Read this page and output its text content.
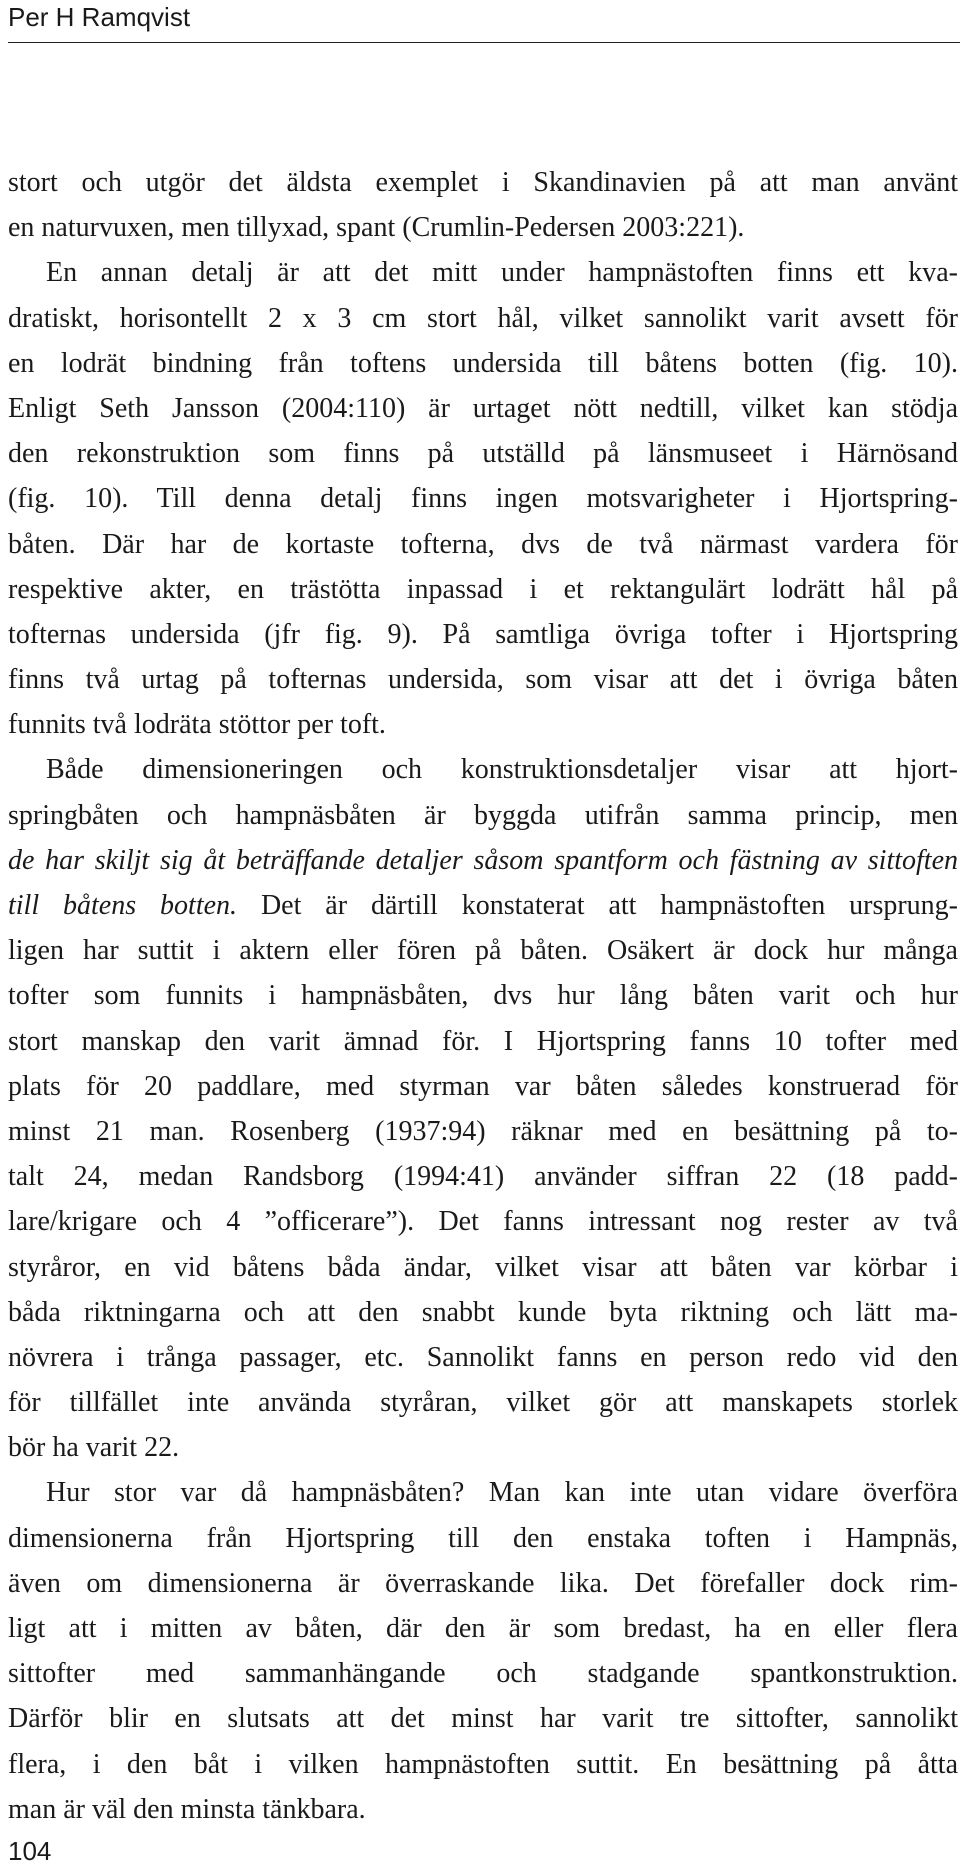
Per H Ramqvist
stort och utgör det äldsta exemplet i Skandinavien på att man använt
en naturvuxen, men tillyxad, spant (Crumlin-Pedersen 2003:221).
En annan detalj är att det mitt under hampnästoften finns ett kva-
dratiskt, horisontellt 2 x 3 cm stort hål, vilket sannolikt varit avsett för
en lodrät bindning från toftens undersida till båtens botten (fig. 10).
Enligt Seth Jansson (2004:110) är urtaget nött nedtill, vilket kan stödja
den rekonstruktion som finns på utställd på länsmuseet i Härnösand
(fig. 10). Till denna detalj finns ingen motsvarigheter i Hjortspring-
båten. Där har de kortaste tofterna, dvs de två närmast vardera för
respektive akter, en trästötta inpassad i et rektangulärt lodrätt hål på
tofternas undersida (jfr fig. 9). På samtliga övriga tofter i Hjortspring
finns två urtag på tofternas undersida, som visar att det i övriga båten
funnits två lodräta stöttor per toft.
Både dimensioneringen och konstruktionsdetaljer visar att hjort-
springbåten och hampnäsbåten är byggda utifrån samma princip, men
de har skiljt sig åt beträffande detaljer såsom spantform och fästning av sittoften
till båtens botten. Det är därtill konstaterat att hampnästoften ursprung-
ligen har suttit i aktern eller fören på båten. Osäkert är dock hur många
tofter som funnits i hampnäsbåten, dvs hur lång båten varit och hur
stort manskap den varit ämnad för. I Hjortspring fanns 10 tofter med
plats för 20 paddlare, med styrman var båten således konstruerad för
minst 21 man. Rosenberg (1937:94) räknar med en besättning på to-
talt 24, medan Randsborg (1994:41) använder siffran 22 (18 padd-
lare/krigare och 4 ”officerare”). Det fanns intressant nog rester av två
styråror, en vid båtens båda ändar, vilket visar att båten var körbar i
båda riktningarna och att den snabbt kunde byta riktning och lätt ma-
növrera i trånga passager, etc. Sannolikt fanns en person redo vid den
för tillfället inte använda styråran, vilket gör att manskapets storlek
bör ha varit 22.
Hur stor var då hampnäsbåten? Man kan inte utan vidare överföra
dimensionerna från Hjortspring till den enstaka toften i Hampnäs,
även om dimensionerna är överraskande lika. Det förefaller dock rim-
ligt att i mitten av båten, där den är som bredast, ha en eller flera
sittofter med sammanhängande och stadgande spantkonstruktion.
Därför blir en slutsats att det minst har varit tre sittofter, sannolikt
flera, i den båt i vilken hampnästoften suttit. En besättning på åtta
man är väl den minsta tänkbara.
104
